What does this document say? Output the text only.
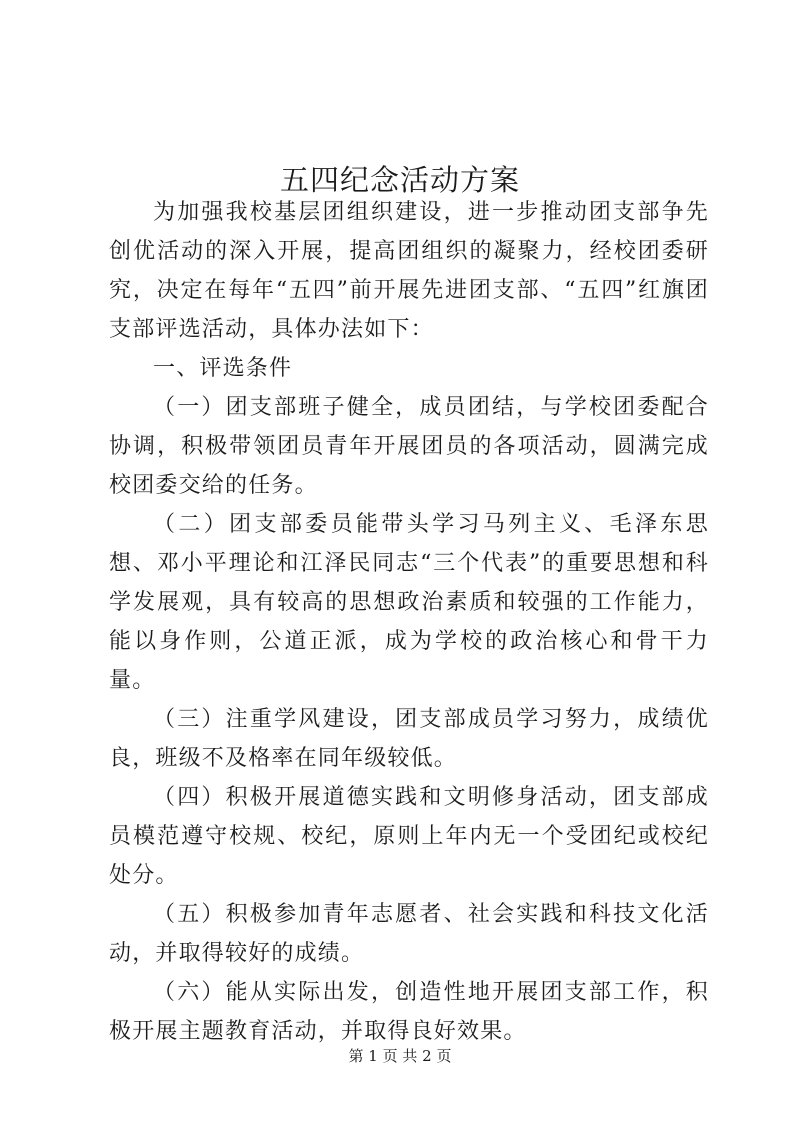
五四纪念活动方案

为加强我校基层团组织建设，进一步推动团支部争先创优活动的深入开展，提高团组织的凝聚力，经校团委研究，决定在每年“五四”前开展先进团支部、“五四”红旗团支部评选活动，具体办法如下：

一、评选条件

（一）团支部班子健全，成员团结，与学校团委配合协调，积极带领团员青年开展团员的各项活动，圆满完成校团委交给的任务。

（二）团支部委员能带头学习马列主义、毛泽东思想、邓小平理论和江泽民同志“三个代表”的重要思想和科学发展观，具有较高的思想政治素质和较强的工作能力，能以身作则，公道正派，成为学校的政治核心和骨干力量。

（三）注重学风建设，团支部成员学习努力，成绩优良，班级不及格率在同年级较低。

（四）积极开展道德实践和文明修身活动，团支部成员模范遵守校规、校纪，原则上年内无一个受团纪或校纪处分。

（五）积极参加青年志愿者、社会实践和科技文化活动，并取得较好的成绩。

（六）能从实际出发，创造性地开展团支部工作，积极开展主题教育活动，并取得良好效果。

第 1 页 共 2 页
